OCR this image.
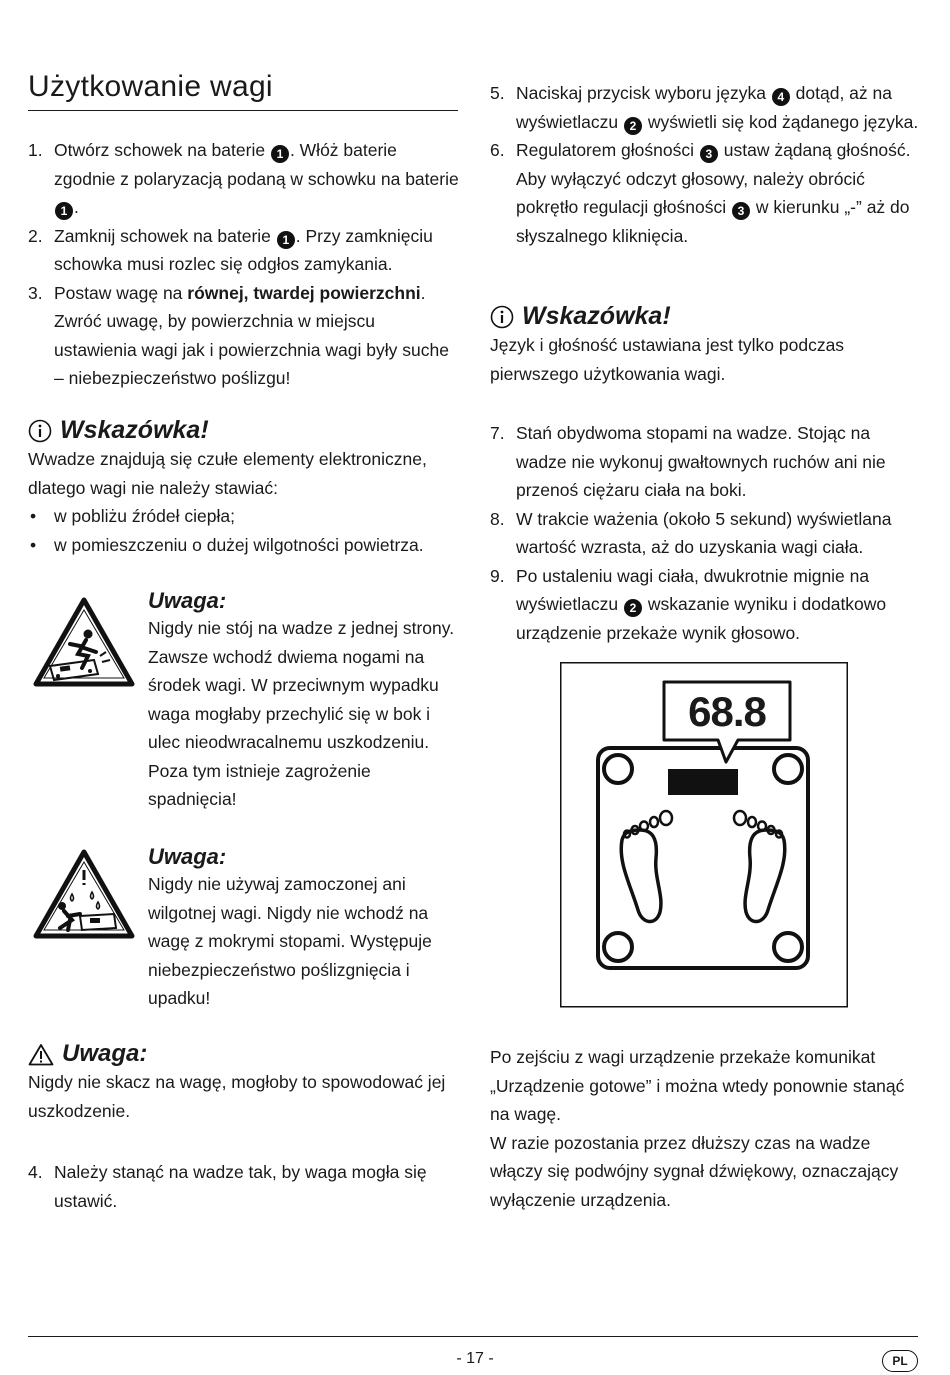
Użytkowanie wagi
1. Otwórz schowek na baterie 1 . Włóż baterie zgodnie z polaryzacją podaną w schowku na baterie 1 .
2. Zamknij schowek na baterie 1 . Przy zamknięciu schowka musi rozlec się odgłos zamykania.
3. Postaw wagę na równej, twardej powierzchni. Zwróć uwagę, by powierzchnia w miejscu ustawienia wagi jak i powierzchnia wagi były suche – niebezpieczeństwo poślizgu!
Wskazówka!

Wwadze znajdują się czułe elementy elektroniczne, dlatego wagi nie należy stawiać:

• w pobliżu źródeł ciepła;
• w pomieszczeniu o dużej wilgotności powietrza.
Uwaga:

Nigdy nie stój na wadze z jednej strony. Zawsze wchodź dwiema nogami na środek wagi. W przeciwnym wypadku waga mogłaby przechylić się w bok i ulec nieodwracalnemu uszkodzeniu. Poza tym istnieje zagrożenie spadnięcia!

Uwaga:

Nigdy nie używaj zamoczonej ani wilgotnej wagi. Nigdy nie wchodź na wagę z mokrymi stopami. Występuje niebezpieczeństwo poślizgnięcia i upadku!

Uwaga:

Nigdy nie skacz na wagę, mogłoby to spowodować jej uszkodzenie.

4. Należy stanąć na wadze tak, by waga mogła się ustawić.
5. Naciskaj przycisk wyboru języka 4 dotąd, aż na wyświetlaczu 2 wyświetli się kod żądanego języka.
6. Regulatorem głośności 3 ustaw żądaną głośność. Aby wyłączyć odczyt głosowy, należy obrócić pokrętło regulacji głośności 3 w kierunku „-” aż do słyszalnego kliknięcia.
Wskazówka!

Język i głośność ustawiana jest tylko podczas pierwszego użytkowania wagi.

7. Stań obydwoma stopami na wadze. Stojąc na wadze nie wykonuj gwałtownych ruchów ani nie przenoś ciężaru ciała na boki.
8. W trakcie ważenia (około 5 sekund) wyświetlana wartość wzrasta, aż do uzyskania wagi ciała.
9. Po ustaleniu wagi ciała, dwukrotnie mignie na wyświetlaczu 2 wskazanie wyniku i dodatkowo urządzenie przekaże wynik głosowo.
68.8

Po zejściu z wagi urządzenie przekaże komunikat „Urządzenie gotowe” i można wtedy ponownie stanąć na wagę.
W razie pozostania przez dłuższy czas na wadze włączy się podwójny sygnał dźwiękowy, oznaczający wyłączenie urządzenia.

- 17 -	PL
